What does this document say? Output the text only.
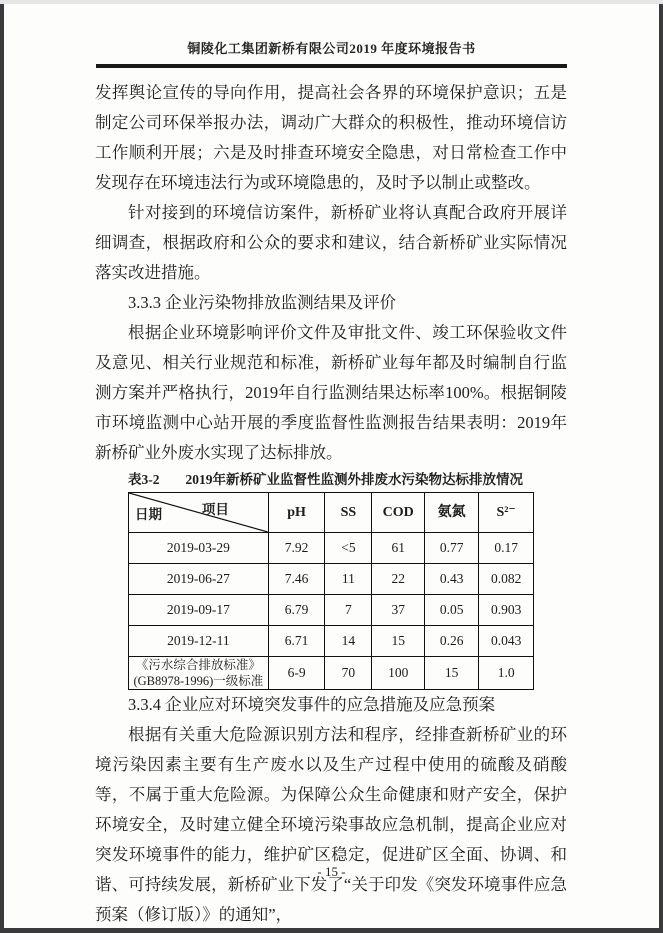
铜陵化工集团新桥有限公司2019 年度环境报告书

发挥舆论宣传的导向作用，提高社会各界的环境保护意识；五是制定公司环保举报办法，调动广大群众的积极性，推动环境信访工作顺利开展；六是及时排查环境安全隐患，对日常检查工作中发现存在环境违法行为或环境隐患的，及时予以制止或整改。

针对接到的环境信访案件，新桥矿业将认真配合政府开展详细调查，根据政府和公众的要求和建议，结合新桥矿业实际情况落实改进措施。

3.3.3 企业污染物排放监测结果及评价

根据企业环境影响评价文件及审批文件、竣工环保验收文件及意见、相关行业规范和标准，新桥矿业每年都及时编制自行监测方案并严格执行，2019年自行监测结果达标率100%。根据铜陵市环境监测中心站开展的季度监督性监测报告结果表明：2019年新桥矿业外废水实现了达标排放。

表3-2 2019年新桥矿业监督性监测外排废水污染物达标排放情况
项目
日期	pH	SS	COD	氨氮	S²⁻
2019-03-29	7.92	<5	61	0.77	0.17
2019-06-27	7.46	11	22	0.43	0.082
2019-09-17	6.79	7	37	0.05	0.903
2019-12-11	6.71	14	15	0.26	0.043

《污水综合排放标准》
(GB8978-1996)一级标准	6-9	70	100	15	1.0
3.3.4 企业应对环境突发事件的应急措施及应急预案

根据有关重大危险源识别方法和程序，经排查新桥矿业的环境污染因素主要有生产废水以及生产过程中使用的硫酸及硝酸等，不属于重大危险源。为保障公众生命健康和财产安全，保护环境安全，及时建立健全环境污染事故应急机制，提高企业应对突发环境事件的能力，维护矿区稳定，促进矿区全面、协调、和谐、可持续发展，新桥矿业下发了“关于印发《突发环境事件应急预案（修订版）》的通知”，

- 15 -
